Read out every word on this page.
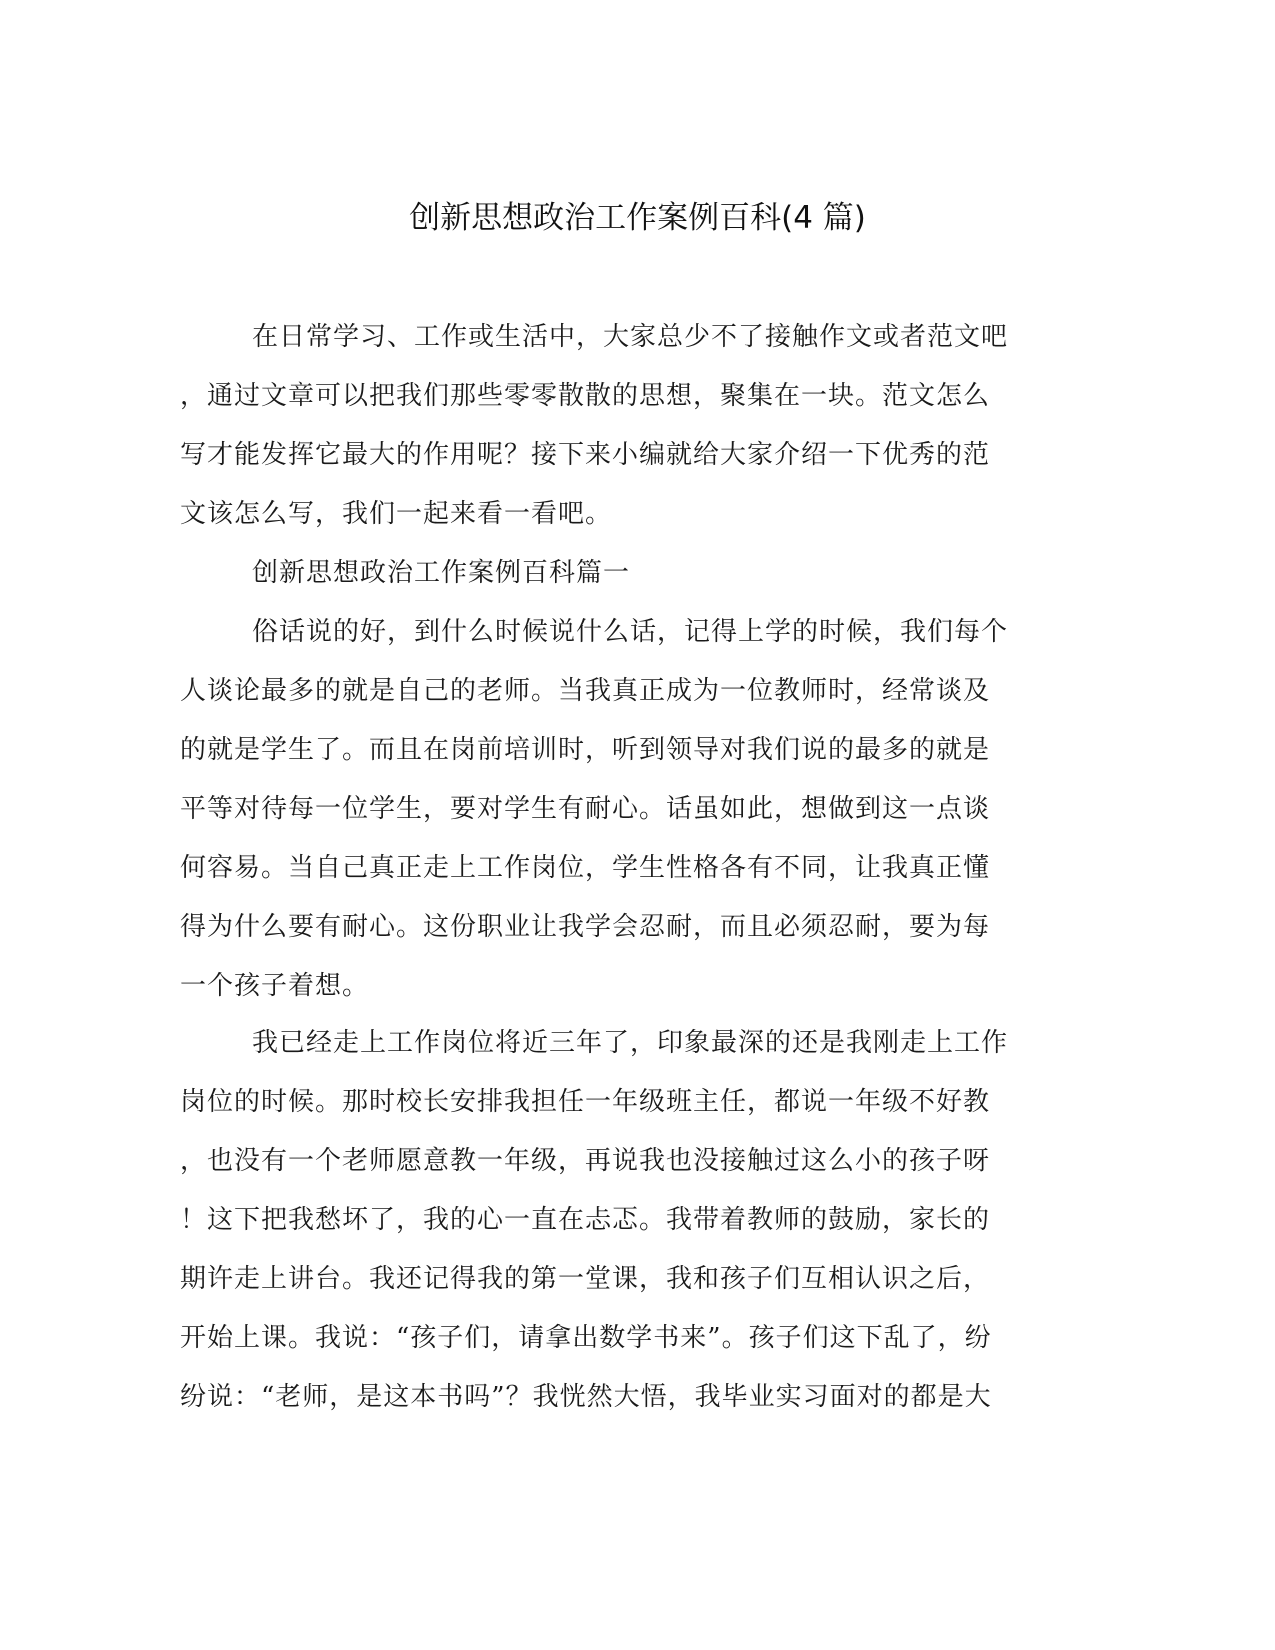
创新思想政治工作案例百科(4 篇)

在日常学习、工作或生活中，大家总少不了接触作文或者范文吧

，通过文章可以把我们那些零零散散的思想，聚集在一块。范文怎么

写才能发挥它最大的作用呢？接下来小编就给大家介绍一下优秀的范

文该怎么写，我们一起来看一看吧。

创新思想政治工作案例百科篇一

俗话说的好，到什么时候说什么话，记得上学的时候，我们每个

人谈论最多的就是自己的老师。当我真正成为一位教师时，经常谈及

的就是学生了。而且在岗前培训时，听到领导对我们说的最多的就是

平等对待每一位学生，要对学生有耐心。话虽如此，想做到这一点谈

何容易。当自己真正走上工作岗位，学生性格各有不同，让我真正懂

得为什么要有耐心。这份职业让我学会忍耐，而且必须忍耐，要为每

一个孩子着想。

我已经走上工作岗位将近三年了，印象最深的还是我刚走上工作

岗位的时候。那时校长安排我担任一年级班主任，都说一年级不好教

，也没有一个老师愿意教一年级，再说我也没接触过这么小的孩子呀

！这下把我愁坏了，我的心一直在忐忑。我带着教师的鼓励，家长的

期许走上讲台。我还记得我的第一堂课，我和孩子们互相认识之后，

开始上课。我说：“孩子们，请拿出数学书来”。孩子们这下乱了，纷

纷说：“老师，是这本书吗”？我恍然大悟，我毕业实习面对的都是大
